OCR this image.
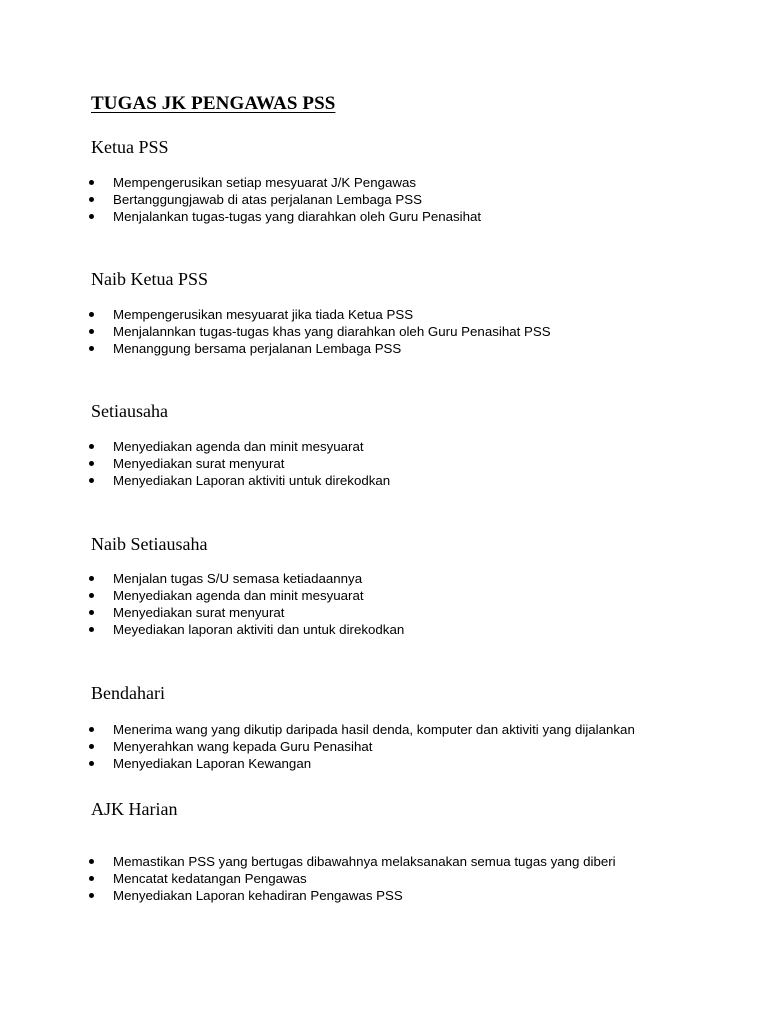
TUGAS JK PENGAWAS PSS
Ketua PSS
Mempengerusikan setiap mesyuarat J/K Pengawas
Bertanggungjawab di atas perjalanan Lembaga PSS
Menjalankan tugas-tugas yang diarahkan oleh Guru Penasihat
Naib Ketua PSS
Mempengerusikan mesyuarat jika tiada Ketua PSS
Menjalannkan tugas-tugas khas yang diarahkan oleh Guru Penasihat PSS
Menanggung bersama perjalanan Lembaga PSS
Setiausaha
Menyediakan agenda dan minit mesyuarat
Menyediakan surat menyurat
Menyediakan Laporan aktiviti untuk direkodkan
Naib Setiausaha
Menjalan tugas S/U semasa ketiadaannya
Menyediakan agenda dan minit mesyuarat
Menyediakan surat menyurat
Meyediakan laporan aktiviti dan untuk direkodkan
Bendahari
Menerima wang yang dikutip daripada hasil denda, komputer dan aktiviti yang dijalankan
Menyerahkan wang kepada Guru Penasihat
Menyediakan Laporan Kewangan
AJK Harian
Memastikan PSS yang bertugas dibawahnya melaksanakan semua tugas yang diberi
Mencatat kedatangan Pengawas
Menyediakan Laporan kehadiran Pengawas PSS
